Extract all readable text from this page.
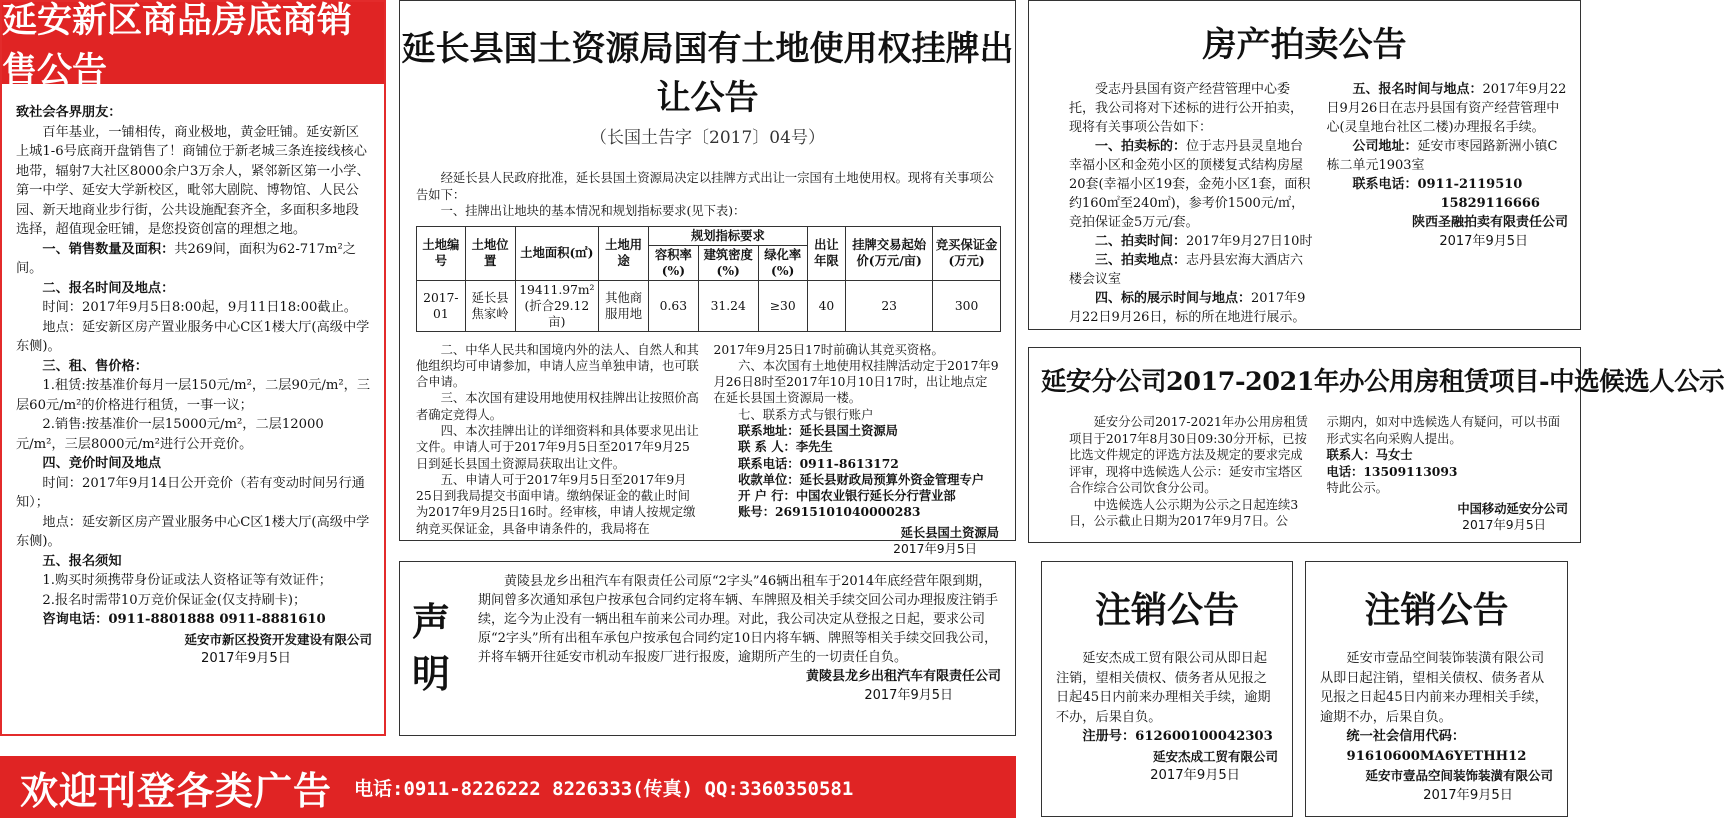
延安新区商品房底商销售公告
致社会各界朋友：
百年基业，一铺相传，商业极地，黄金旺铺。延安新区上城1-6号底商开盘销售了！商铺位于新老城三条连接线核心地带，辐射7大社区8000余户3万余人，紧邻新区第一小学、第一中学、延安大学新校区，毗邻大剧院、博物馆、人民公园、新天地商业步行街，公共设施配套齐全，多面积多地段选择，超值现金旺铺，是您投资创富的理想之地。
一、销售数量及面积：共269间，面积为62-717m²之间。
二、报名时间及地点：
时间：2017年9月5日8:00起，9月11日18:00截止。
地点：延安新区房产置业服务中心C区1楼大厅(高级中学东侧)。
三、租、售价格：
1.租赁:按基准价每月一层150元/m²，二层90元/m²，三层60元/m²的价格进行租赁，一事一议；
2.销售:按基准价一层15000元/m²，二层12000元/m²，三层8000元/m²进行公开竞价。
四、竞价时间及地点
时间：2017年9月14日公开竞价（若有变动时间另行通知）；
地点：延安新区房产置业服务中心C区1楼大厅(高级中学东侧)。
五、报名须知
1.购买时须携带身份证或法人资格证等有效证件；
2.报名时需带10万竞价保证金(仅支持刷卡)；
咨询电话：0911-8801888 0911-8881610
延安市新区投资开发建设有限公司
2017年9月5日
延长县国土资源局国有土地使用权挂牌出让公告
（长国土告字〔2017〕04号）
经延长县人民政府批准，延长县国土资源局决定以挂牌方式出让一宗国有土地使用权。现将有关事项公告如下：
一、挂牌出让地块的基本情况和规划指标要求(见下表)：
土地编号	土地位置	土地面积(㎡)	土地用途	规划指标要求			出让年限	挂牌交易起始价(万元/亩)	竞买保证金(万元)
				容积率(%)	建筑密度(%)	绿化率(%)			
2017-01	延长县焦家岭	19411.97m²
(折合29.12亩)	其他商服用地	0.63	31.24	≥30	40	23	300
二、中华人民共和国境内外的法人、自然人和其他组织均可申请参加，申请人应当单独申请，也可联合申请。
三、本次国有建设用地使用权挂牌出让按照价高者确定竞得人。
四、本次挂牌出让的详细资料和具体要求见出让文件。申请人可于2017年9月5日至2017年9月25日到延长县国土资源局获取出让文件。
五、申请人可于2017年9月5日至2017年9月25日到我局提交书面申请。缴纳保证金的截止时间为2017年9月25日16时。经审核，申请人按规定缴纳竞买保证金，具备申请条件的，我局将在
2017年9月25日17时前确认其竞买资格。
六、本次国有土地使用权挂牌活动定于2017年9月26日8时至2017年10月10日17时，出让地点定在延长县国土资源局一楼。
七、联系方式与银行账户
联系地址：延长县国土资源局
联 系 人：李先生
联系电话：0911-8613172
收款单位：延长县财政局预算外资金管理专户
开 户 行：中国农业银行延长分行营业部
账号：26915101040000283
延长县国土资源局
2017年9月5日
房产拍卖公告
受志丹县国有资产经营管理中心委托，我公司将对下述标的进行公开拍卖，现将有关事项公告如下：
一、拍卖标的：位于志丹县灵皇地台幸福小区和金苑小区的顶楼复式结构房屋20套(幸福小区19套，金苑小区1套，面积约160㎡至240㎡)，参考价1500元/㎡，竞拍保证金5万元/套。
二、拍卖时间：2017年9月27日10时
三、拍卖地点：志丹县宏海大酒店六楼会议室
四、标的展示时间与地点：2017年9月22日9月26日，标的所在地进行展示。
五、报名时间与地点：2017年9月22日9月26日在志丹县国有资产经营管理中心(灵皇地台社区二楼)办理报名手续。
公司地址：延安市枣园路新洲小镇C栋二单元1903室
联系电话：0911-2119510
15829116666
陕西圣融拍卖有限责任公司
2017年9月5日
延安分公司2017-2021年办公用房租赁项目-中选候选人公示
延安分公司2017-2021年办公用房租赁项目于2017年8月30日09:30分开标，已按比选文件规定的评选方法及规定的要求完成评审，现将中选候选人公示：延安市宝塔区合作综合公司饮食分公司。
中选候选人公示期为公示之日起连续3日，公示截止日期为2017年9月7日。公
示期内，如对中选候选人有疑问，可以书面形式实名向采购人提出。
联系人：马女士
电话：13509113093
特此公示。
中国移动延安分公司
2017年9月5日
声明
黄陵县龙乡出租汽车有限责任公司原“2字头”46辆出租车于2014年底经营年限到期，期间曾多次通知承包户按承包合同约定将车辆、车牌照及相关手续交回公司办理报废注销手续，迄今为止没有一辆出租车前来公司办理。对此，我公司决定从登报之日起，要求公司原“2字头”所有出租车承包户按承包合同约定10日内将车辆、牌照等相关手续交回我公司，并将车辆开往延安市机动车报废厂进行报废，逾期所产生的一切责任自负。
黄陵县龙乡出租汽车有限责任公司
2017年9月5日
注销公告
延安杰成工贸有限公司从即日起注销，望相关债权、债务者从见报之日起45日内前来办理相关手续，逾期不办，后果自负。
注册号：612600100042303
延安杰成工贸有限公司
2017年9月5日
注销公告
延安市壹品空间装饰装潢有限公司从即日起注销，望相关债权、债务者从见报之日起45日内前来办理相关手续，逾期不办，后果自负。
统一社会信用代码：
91610600MA6YETHH12
延安市壹品空间装饰装潢有限公司
2017年9月5日
欢迎刊登各类广告 电话:0911-8226222 8226333(传真) QQ:3360350581
